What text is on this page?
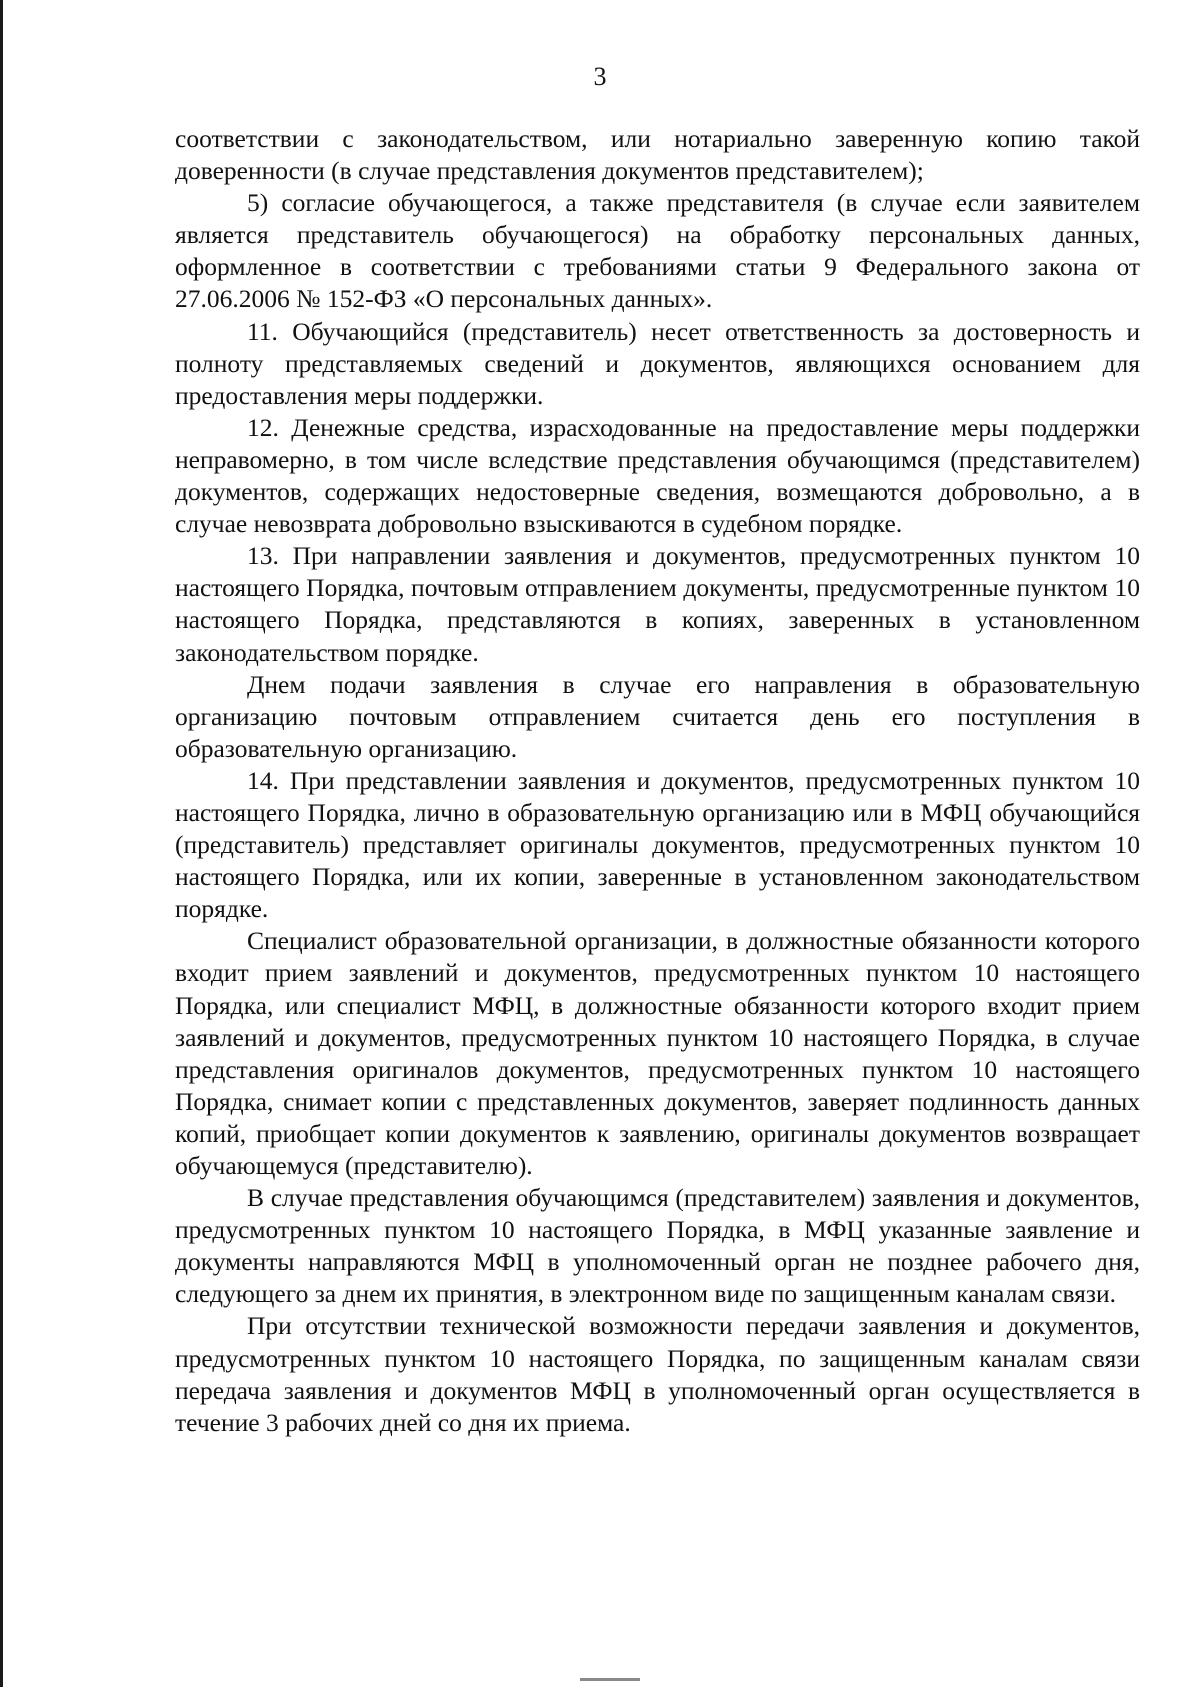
3

соответствии с законодательством, или нотариально заверенную копию такой доверенности (в случае представления документов представителем);

5) согласие обучающегося, а также представителя (в случае если заявителем является представитель обучающегося) на обработку персональных данных, оформленное в соответствии с требованиями статьи 9 Федерального закона от 27.06.2006 № 152-ФЗ «О персональных данных».

11. Обучающийся (представитель) несет ответственность за достоверность и полноту представляемых сведений и документов, являющихся основанием для предоставления меры поддержки.

12. Денежные средства, израсходованные на предоставление меры поддержки неправомерно, в том числе вследствие представления обучающимся (представителем) документов, содержащих недостоверные сведения, возмещаются добровольно, а в случае невозврата добровольно взыскиваются в судебном порядке.

13. При направлении заявления и документов, предусмотренных пунктом 10 настоящего Порядка, почтовым отправлением документы, предусмотренные пунктом 10 настоящего Порядка, представляются в копиях, заверенных в установленном законодательством порядке.

Днем подачи заявления в случае его направления в образовательную организацию почтовым отправлением считается день его поступления в образовательную организацию.

14. При представлении заявления и документов, предусмотренных пунктом 10 настоящего Порядка, лично в образовательную организацию или в МФЦ обучающийся (представитель) представляет оригиналы документов, предусмотренных пунктом 10 настоящего Порядка, или их копии, заверенные в установленном законодательством порядке.

Специалист образовательной организации, в должностные обязанности которого входит прием заявлений и документов, предусмотренных пунктом 10 настоящего Порядка, или специалист МФЦ, в должностные обязанности которого входит прием заявлений и документов, предусмотренных пунктом 10 настоящего Порядка, в случае представления оригиналов документов, предусмотренных пунктом 10 настоящего Порядка, снимает копии с представленных документов, заверяет подлинность данных копий, приобщает копии документов к заявлению, оригиналы документов возвращает обучающемуся (представителю).

В случае представления обучающимся (представителем) заявления и документов, предусмотренных пунктом 10 настоящего Порядка, в МФЦ указанные заявление и документы направляются МФЦ в уполномоченный орган не позднее рабочего дня, следующего за днем их принятия, в электронном виде по защищенным каналам связи.

При отсутствии технической возможности передачи заявления и документов, предусмотренных пунктом 10 настоящего Порядка, по защищенным каналам связи передача заявления и документов МФЦ в уполномоченный орган осуществляется в течение 3 рабочих дней со дня их приема.
